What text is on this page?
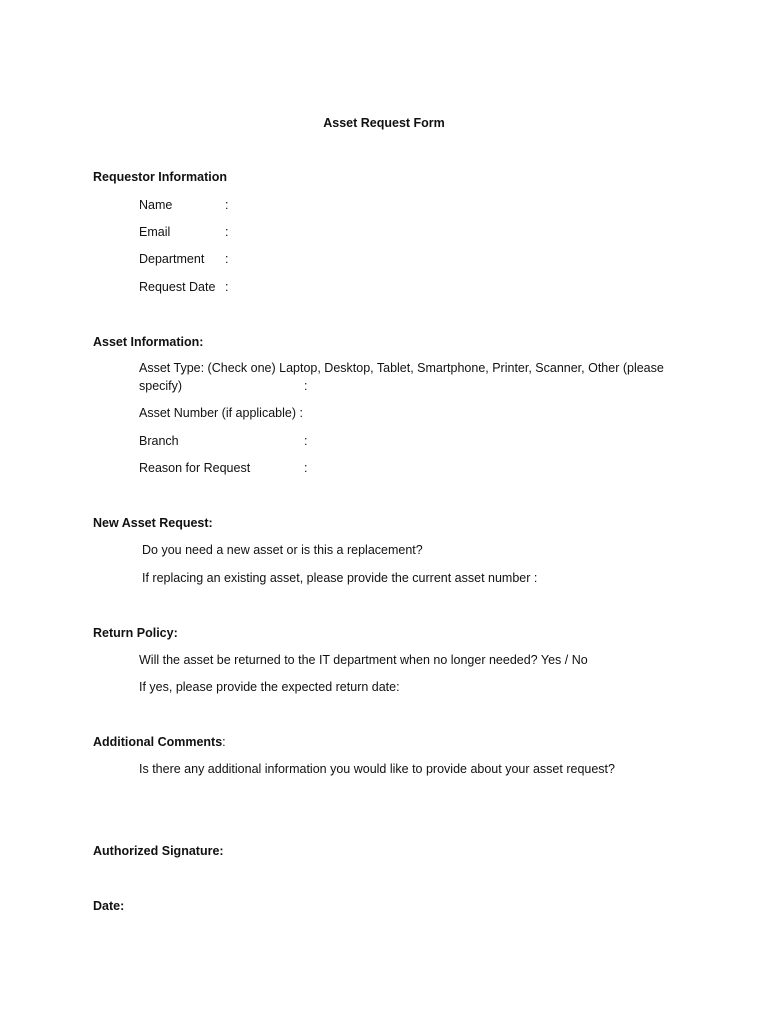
Asset Request Form
Requestor Information
Name	:
Email	:
Department :
Request Date :
Asset Information:
Asset Type: (Check one) Laptop, Desktop, Tablet, Smartphone, Printer, Scanner, Other (please
specify)	:
Asset Number (if applicable) :
Branch	:
Reason for Request	:
New Asset Request:
Do you need a new asset or is this a replacement?
If replacing an existing asset, please provide the current asset number :
Return Policy:
Will the asset be returned to the IT department when no longer needed? Yes / No
If yes, please provide the expected return date:
Additional Comments:
Is there any additional information you would like to provide about your asset request?
Authorized Signature:
Date:
